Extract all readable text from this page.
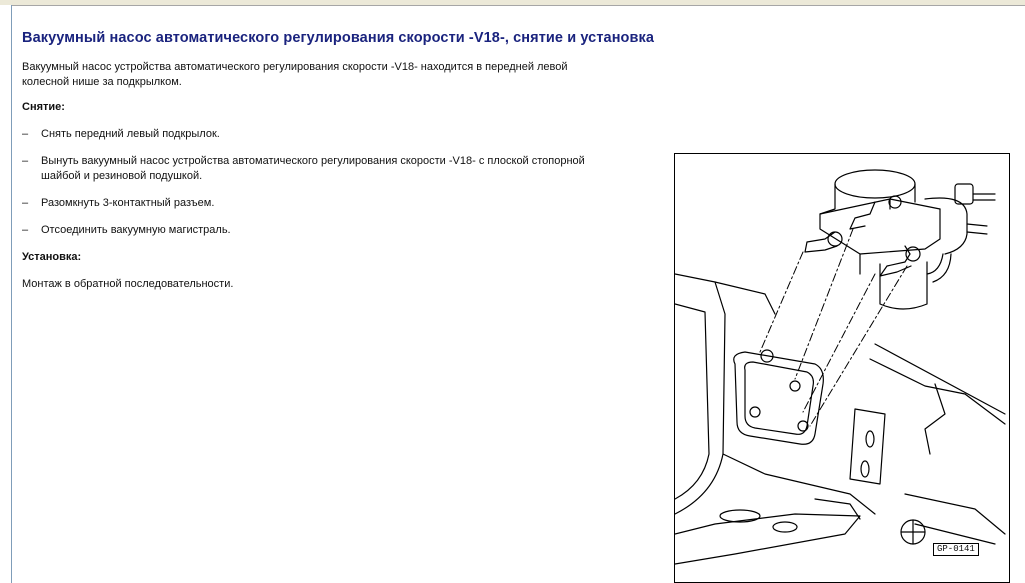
Вакуумный насос автоматического регулирования скорости -V18-, снятие и установка

Вакуумный насос устройства автоматического регулирования скорости -V18- находится в передней левой

колесной нише за подкрылком.

Снятие:

– Снять передний левый подкрылок.
– Вынуть вакуумный насос устройства автоматического регулирования скорости -V18- с плоской стопорной
шайбой и резиновой подушкой.
– Разомкнуть 3-контактный разъем.
– Отсоединить вакуумную магистраль.

Установка:

Монтаж в обратной последовательности.

GP-0141
